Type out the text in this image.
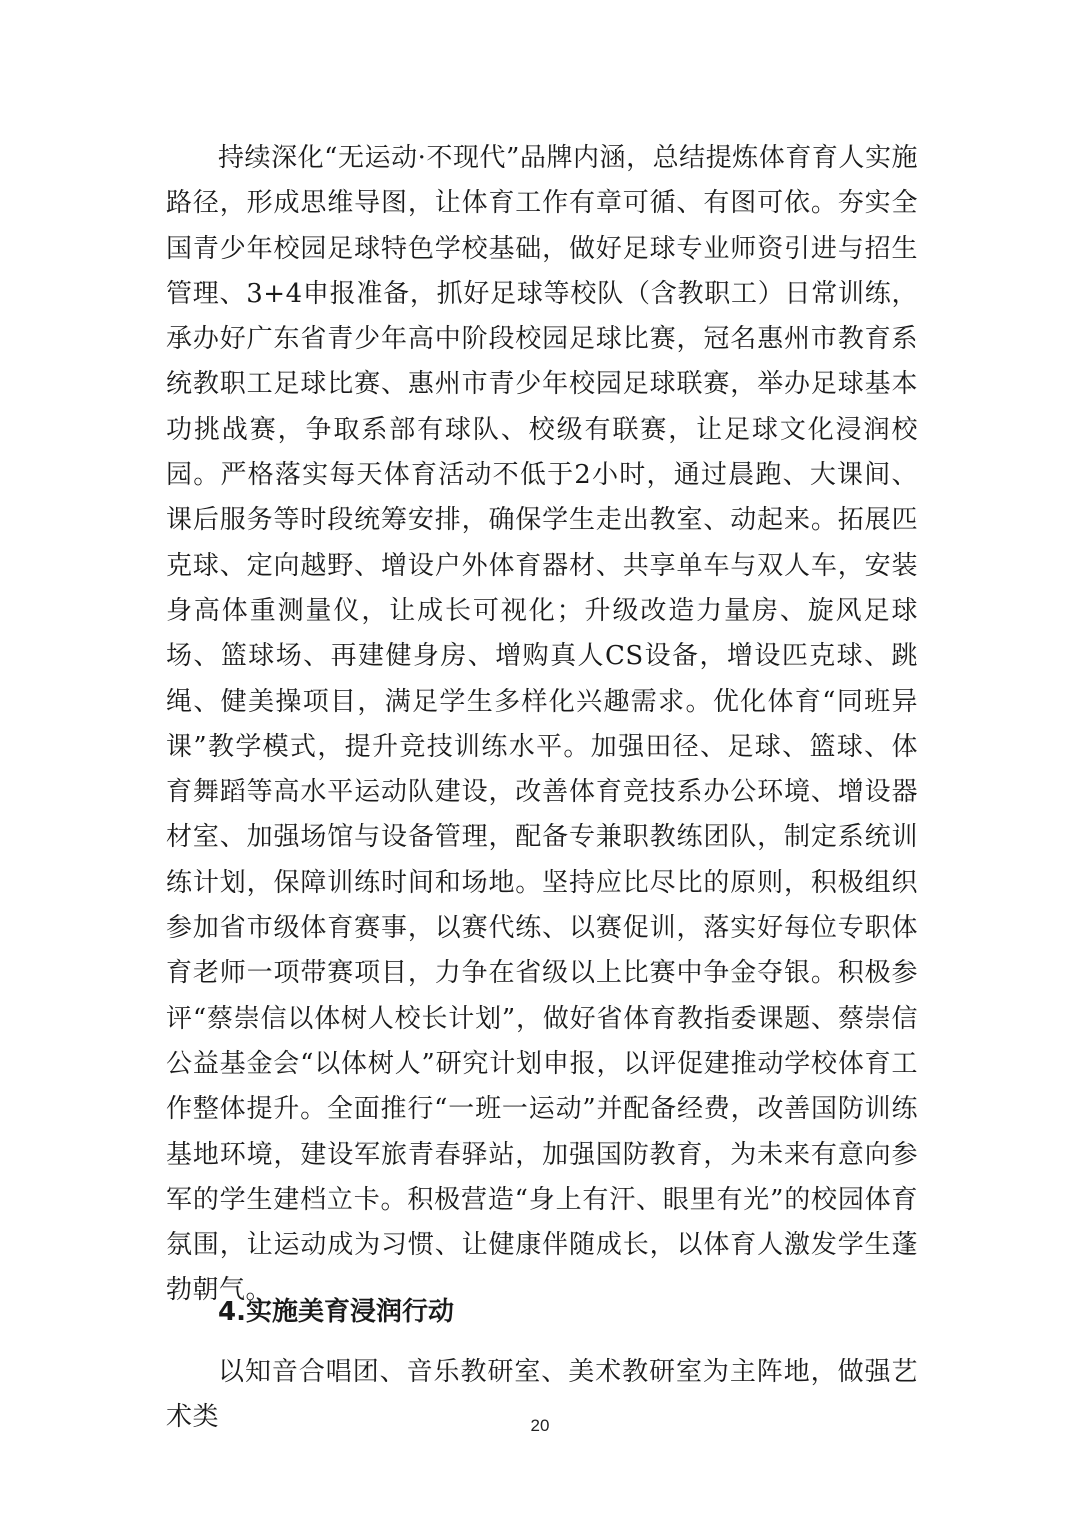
持续深化“无运动·不现代”品牌内涵，总结提炼体育育人实施路径，形成思维导图，让体育工作有章可循、有图可依。夯实全国青少年校园足球特色学校基础，做好足球专业师资引进与招生管理、3+4申报准备，抓好足球等校队（含教职工）日常训练，承办好广东省青少年高中阶段校园足球比赛，冠名惠州市教育系统教职工足球比赛、惠州市青少年校园足球联赛，举办足球基本功挑战赛，争取系部有球队、校级有联赛，让足球文化浸润校园。严格落实每天体育活动不低于2小时，通过晨跑、大课间、课后服务等时段统筹安排，确保学生走出教室、动起来。拓展匹克球、定向越野、增设户外体育器材、共享单车与双人车，安装身高体重测量仪，让成长可视化；升级改造力量房、旋风足球场、篮球场、再建健身房、增购真人CS设备，增设匹克球、跳绳、健美操项目，满足学生多样化兴趣需求。优化体育“同班异课”教学模式，提升竞技训练水平。加强田径、足球、篮球、体育舞蹈等高水平运动队建设，改善体育竞技系办公环境、增设器材室、加强场馆与设备管理，配备专兼职教练团队，制定系统训练计划，保障训练时间和场地。坚持应比尽比的原则，积极组织参加省市级体育赛事，以赛代练、以赛促训，落实好每位专职体育老师一项带赛项目，力争在省级以上比赛中争金夺银。积极参评“蔡崇信以体树人校长计划”，做好省体育教指委课题、蔡崇信公益基金会“以体树人”研究计划申报，以评促建推动学校体育工作整体提升。全面推行“一班一运动”并配备经费，改善国防训练基地环境，建设军旅青春驿站，加强国防教育，为未来有意向参军的学生建档立卡。积极营造“身上有汗、眼里有光”的校园体育氛围，让运动成为习惯、让健康伴随成长，以体育人激发学生蓬勃朝气。

4.实施美育浸润行动

以知音合唱团、音乐教研室、美术教研室为主阵地，做强艺术类	20
